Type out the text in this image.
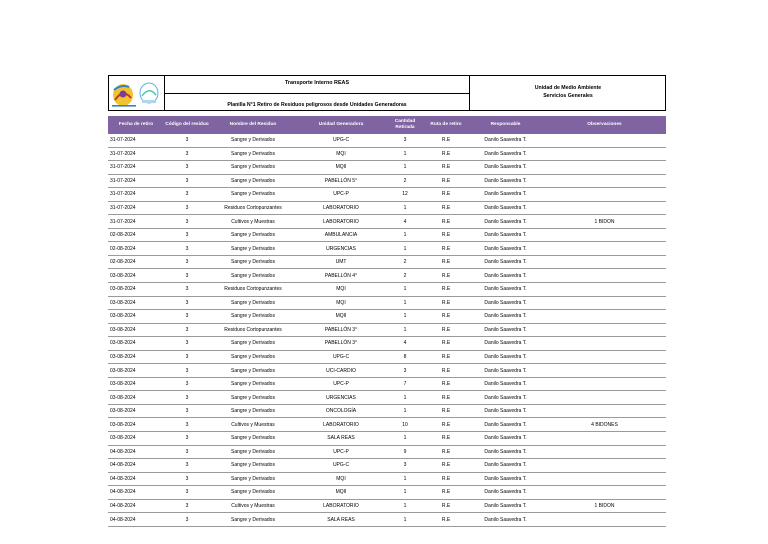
Transporte Interno REAS
Planilla N°1 Retiro de Residuos peligrosos desde Unidades Generadoras
Unidad de Medio Ambiente
Servicios Generales
Fecha de retiro	Código del residuo	Nombre del Residuo	Unidad Generadora	Cantidad Retirada	Ruta de retiro	Responsable	Observaciones
31-07-2024	3	Sangre y Derivados	UPG-C	3	R.E	Danilo Saavedra T.	
31-07-2024	3	Sangre y Derivados	MQI	1	R.E	Danilo Saavedra T.	
31-07-2024	3	Sangre y Derivados	MQII	1	R.E	Danilo Saavedra T.	
31-07-2024	3	Sangre y Derivados	PABELLÓN 5°	2	R.E	Danilo Saavedra T.	
31-07-2024	3	Sangre y Derivados	UPC-P	12	R.E	Danilo Saavedra T.	
31-07-2024	3	Residuos Cortopunzantes	LABORATORIO	1	R.E	Danilo Saavedra T.	
31-07-2024	3	Cultivos y Muestras	LABORATORIO	4	R.E	Danilo Saavedra T.	1 BIDON
02-08-2024	3	Sangre y Derivados	AMBULANCIA	1	R.E	Danilo Saavedra T.	
02-08-2024	3	Sangre y Derivados	URGENCIAS	1	R.E	Danilo Saavedra T.	
02-08-2024	3	Sangre y Derivados	UMT	2	R.E	Danilo Saavedra T.	
03-08-2024	3	Sangre y Derivados	PABELLÓN 4°	2	R.E	Danilo Saavedra T.	
03-08-2024	3	Residuos Cortopunzantes	MQI	1	R.E	Danilo Saavedra T.	
03-08-2024	3	Sangre y Derivados	MQI	1	R.E	Danilo Saavedra T.	
03-08-2024	3	Sangre y Derivados	MQII	1	R.E	Danilo Saavedra T.	
03-08-2024	3	Residuos Cortopunzantes	PABELLÓN 3°	1	R.E	Danilo Saavedra T.	
03-08-2024	3	Sangre y Derivados	PABELLÓN 3°	4	R.E	Danilo Saavedra T.	
03-08-2024	3	Sangre y Derivados	UPG-C	8	R.E	Danilo Saavedra T.	
03-08-2024	3	Sangre y Derivados	UCI-CARDIO	3	R.E	Danilo Saavedra T.	
03-08-2024	3	Sangre y Derivados	UPC-P	7	R.E	Danilo Saavedra T.	
03-08-2024	3	Sangre y Derivados	URGENCIAS	1	R.E	Danilo Saavedra T.	
03-08-2024	3	Sangre y Derivados	ONCOLOGÍA	1	R.E	Danilo Saavedra T.	
03-08-2024	3	Cultivos y Muestras	LABORATORIO	10	R.E	Danilo Saavedra T.	4 BIDONES
03-08-2024	3	Sangre y Derivados	SALA REAS	1	R.E	Danilo Saavedra T.	
04-08-2024	3	Sangre y Derivados	UPC-P	9	R.E	Danilo Saavedra T.	
04-08-2024	3	Sangre y Derivados	UPG-C	3	R.E	Danilo Saavedra T.	
04-08-2024	3	Sangre y Derivados	MQI	1	R.E	Danilo Saavedra T.	
04-08-2024	3	Sangre y Derivados	MQII	1	R.E	Danilo Saavedra T.	
04-08-2024	3	Cultivos y Muestras	LABORATORIO	1	R.E	Danilo Saavedra T.	1 BIDON
04-08-2024	3	Sangre y Derivados	SALA REAS	1	R.E	Danilo Saavedra T.	
